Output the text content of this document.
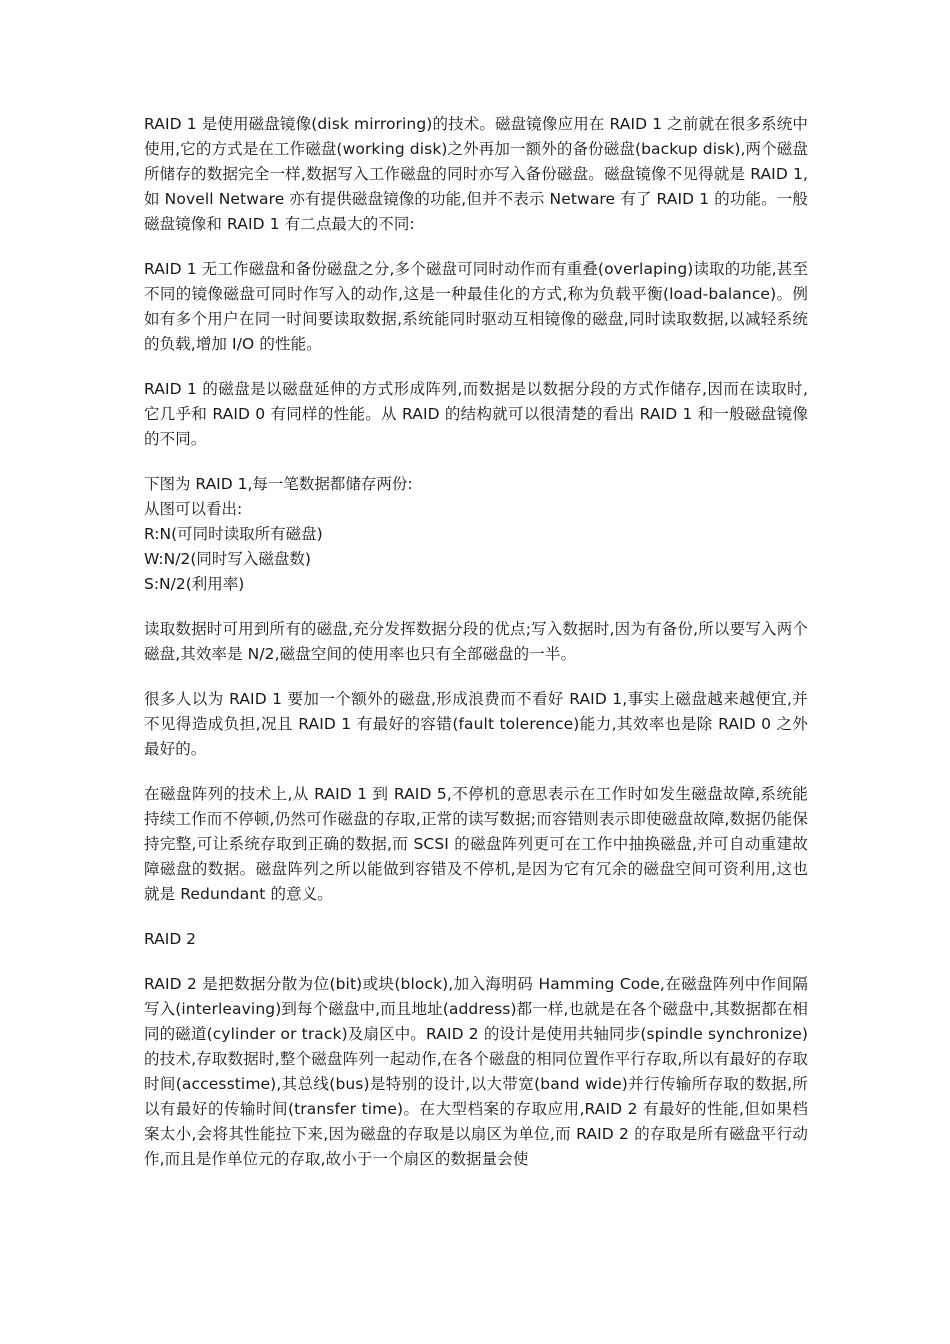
RAID 1 是使用磁盘镜像(disk mirroring)的技术。磁盘镜像应用在 RAID 1 之前就在很多系统中使用,它的方式是在工作磁盘(working disk)之外再加一额外的备份磁盘(backup disk),两个磁盘所储存的数据完全一样,数据写入工作磁盘的同时亦写入备份磁盘。磁盘镜像不见得就是 RAID 1,如 Novell Netware 亦有提供磁盘镜像的功能,但并不表示 Netware 有了 RAID 1 的功能。一般磁盘镜像和 RAID 1 有二点最大的不同:

RAID 1 无工作磁盘和备份磁盘之分,多个磁盘可同时动作而有重叠(overlaping)读取的功能,甚至不同的镜像磁盘可同时作写入的动作,这是一种最佳化的方式,称为负载平衡(load-balance)。例如有多个用户在同一时间要读取数据,系统能同时驱动互相镜像的磁盘,同时读取数据,以减轻系统的负载,增加 I/O 的性能。

RAID 1 的磁盘是以磁盘延伸的方式形成阵列,而数据是以数据分段的方式作储存,因而在读取时,它几乎和 RAID 0 有同样的性能。从 RAID 的结构就可以很清楚的看出 RAID 1 和一般磁盘镜像的不同。

下图为 RAID 1,每一笔数据都储存两份:
从图可以看出:
R:N(可同时读取所有磁盘)
W:N/2(同时写入磁盘数)
S:N/2(利用率)

读取数据时可用到所有的磁盘,充分发挥数据分段的优点;写入数据时,因为有备份,所以要写入两个磁盘,其效率是 N/2,磁盘空间的使用率也只有全部磁盘的一半。

很多人以为 RAID 1 要加一个额外的磁盘,形成浪费而不看好 RAID 1,事实上磁盘越来越便宜,并不见得造成负担,况且 RAID 1 有最好的容错(fault tolerence)能力,其效率也是除 RAID 0 之外最好的。

在磁盘阵列的技术上,从 RAID 1 到 RAID 5,不停机的意思表示在工作时如发生磁盘故障,系统能持续工作而不停顿,仍然可作磁盘的存取,正常的读写数据;而容错则表示即使磁盘故障,数据仍能保持完整,可让系统存取到正确的数据,而 SCSI 的磁盘阵列更可在工作中抽换磁盘,并可自动重建故障磁盘的数据。磁盘阵列之所以能做到容错及不停机,是因为它有冗余的磁盘空间可资利用,这也就是 Redundant 的意义。

RAID 2

RAID 2 是把数据分散为位(bit)或块(block),加入海明码 Hamming Code,在磁盘阵列中作间隔写入(interleaving)到每个磁盘中,而且地址(address)都一样,也就是在各个磁盘中,其数据都在相同的磁道(cylinder or track)及扇区中。RAID 2 的设计是使用共轴同步(spindle synchronize)的技术,存取数据时,整个磁盘阵列一起动作,在各个磁盘的相同位置作平行存取,所以有最好的存取时间(accesstime),其总线(bus)是特别的设计,以大带宽(band wide)并行传输所存取的数据,所以有最好的传输时间(transfer time)。在大型档案的存取应用,RAID 2 有最好的性能,但如果档案太小,会将其性能拉下来,因为磁盘的存取是以扇区为单位,而 RAID 2 的存取是所有磁盘平行动作,而且是作单位元的存取,故小于一个扇区的数据量会使
